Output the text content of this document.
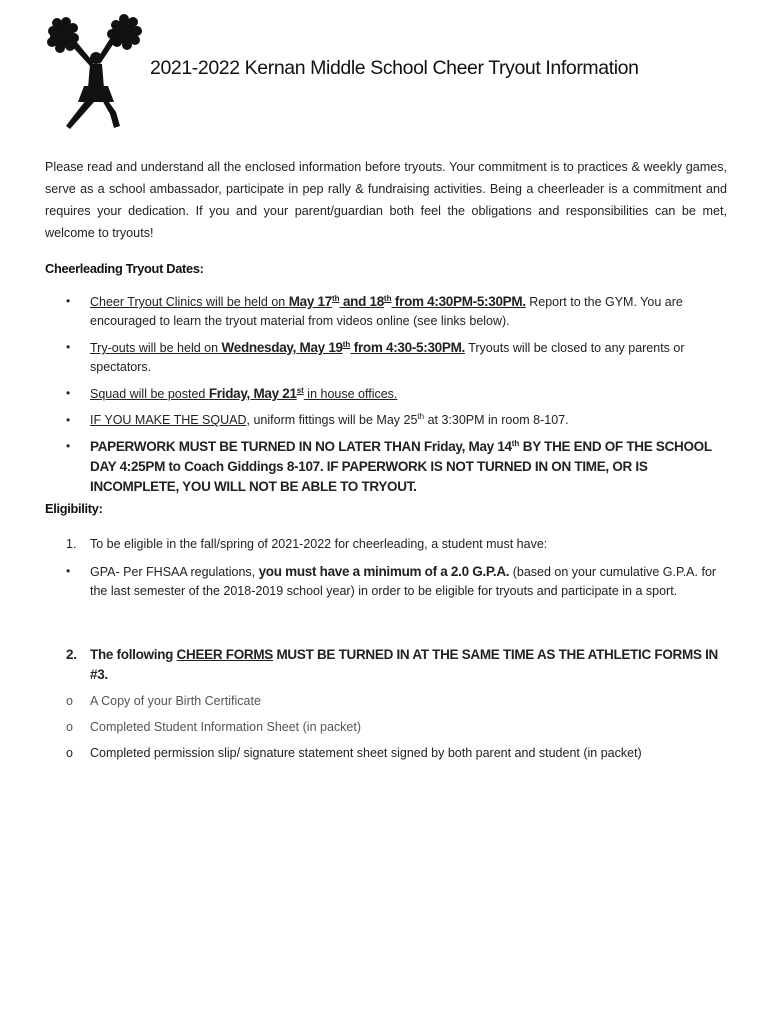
2021-2022 Kernan Middle School Cheer Tryout Information

Please read and understand all the enclosed information before tryouts. Your commitment is to practices & weekly games, serve as a school ambassador, participate in pep rally & fundraising activities. Being a cheerleader is a commitment and requires your dedication. If you and your parent/guardian both feel the obligations and responsibilities can be met, welcome to tryouts!

Cheerleading Tryout Dates:
• Cheer Tryout Clinics will be held on May 17th and 18th from 4:30PM-5:30PM. Report to the GYM. You are encouraged to learn the tryout material from videos online (see links below).
• Try-outs will be held on Wednesday, May 19th from 4:30-5:30PM. Tryouts will be closed to any parents or spectators.
• Squad will be posted Friday, May 21st in house offices.
• IF YOU MAKE THE SQUAD, uniform fittings will be May 25th at 3:30PM in room 8-107.
• PAPERWORK MUST BE TURNED IN NO LATER THAN Friday, May 14th BY THE END OF THE SCHOOL DAY 4:25PM to Coach Giddings 8-107. IF PAPERWORK IS NOT TURNED IN ON TIME, OR IS INCOMPLETE, YOU WILL NOT BE ABLE TO TRYOUT.
Eligibility:
1. To be eligible in the fall/spring of 2021-2022 for cheerleading, a student must have:
• GPA- Per FHSAA regulations, you must have a minimum of a 2.0 G.P.A. (based on your cumulative G.P.A. for the last semester of the 2018-2019 school year) in order to be eligible for tryouts and participate in a sport.
2. The following CHEER FORMS MUST BE TURNED IN AT THE SAME TIME AS THE ATHLETIC FORMS IN #3.
o A Copy of your Birth Certificate
o Completed Student Information Sheet (in packet)
o Completed permission slip/ signature statement sheet signed by both parent and student (in packet)
